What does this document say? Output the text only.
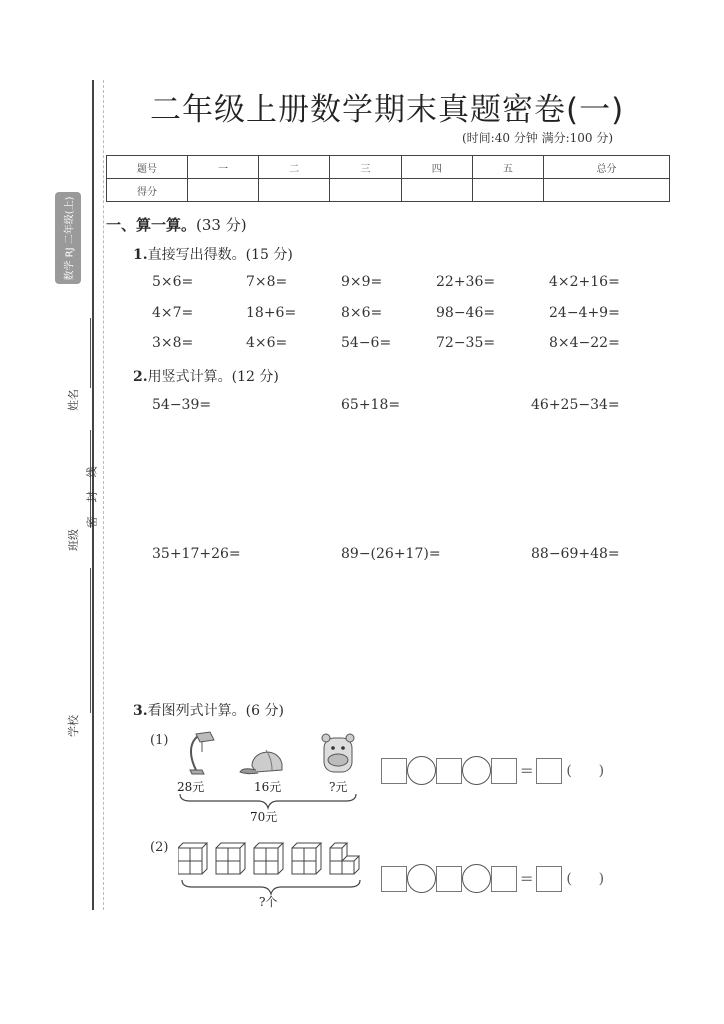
数学 RJ 二年级(上)
姓名
班级
学校
线
封
密
二年级上册数学期末真题密卷(一)
(时间:40 分钟 满分:100 分)
题号	一	二	三	四	五	总分
得分						
一、算一算。(33 分)
1.直接写出得数。(15 分)
5×6=	7×8=	9×9=	22+36=	4×2+16=
4×7=	18+6=	8×6=	98−46=	24−4+9=
3×8=	4×6=	54−6=	72−35=	8×4−22=
2.用竖式计算。(12 分)
54−39=	65+18=	46+25−34=
35+17+26=	89−(26+17)=	88−69+48=
3.看图列式计算。(6 分)
(1)
28元	16元	?元
70元
= (      )
(2)
?个
= (      )
